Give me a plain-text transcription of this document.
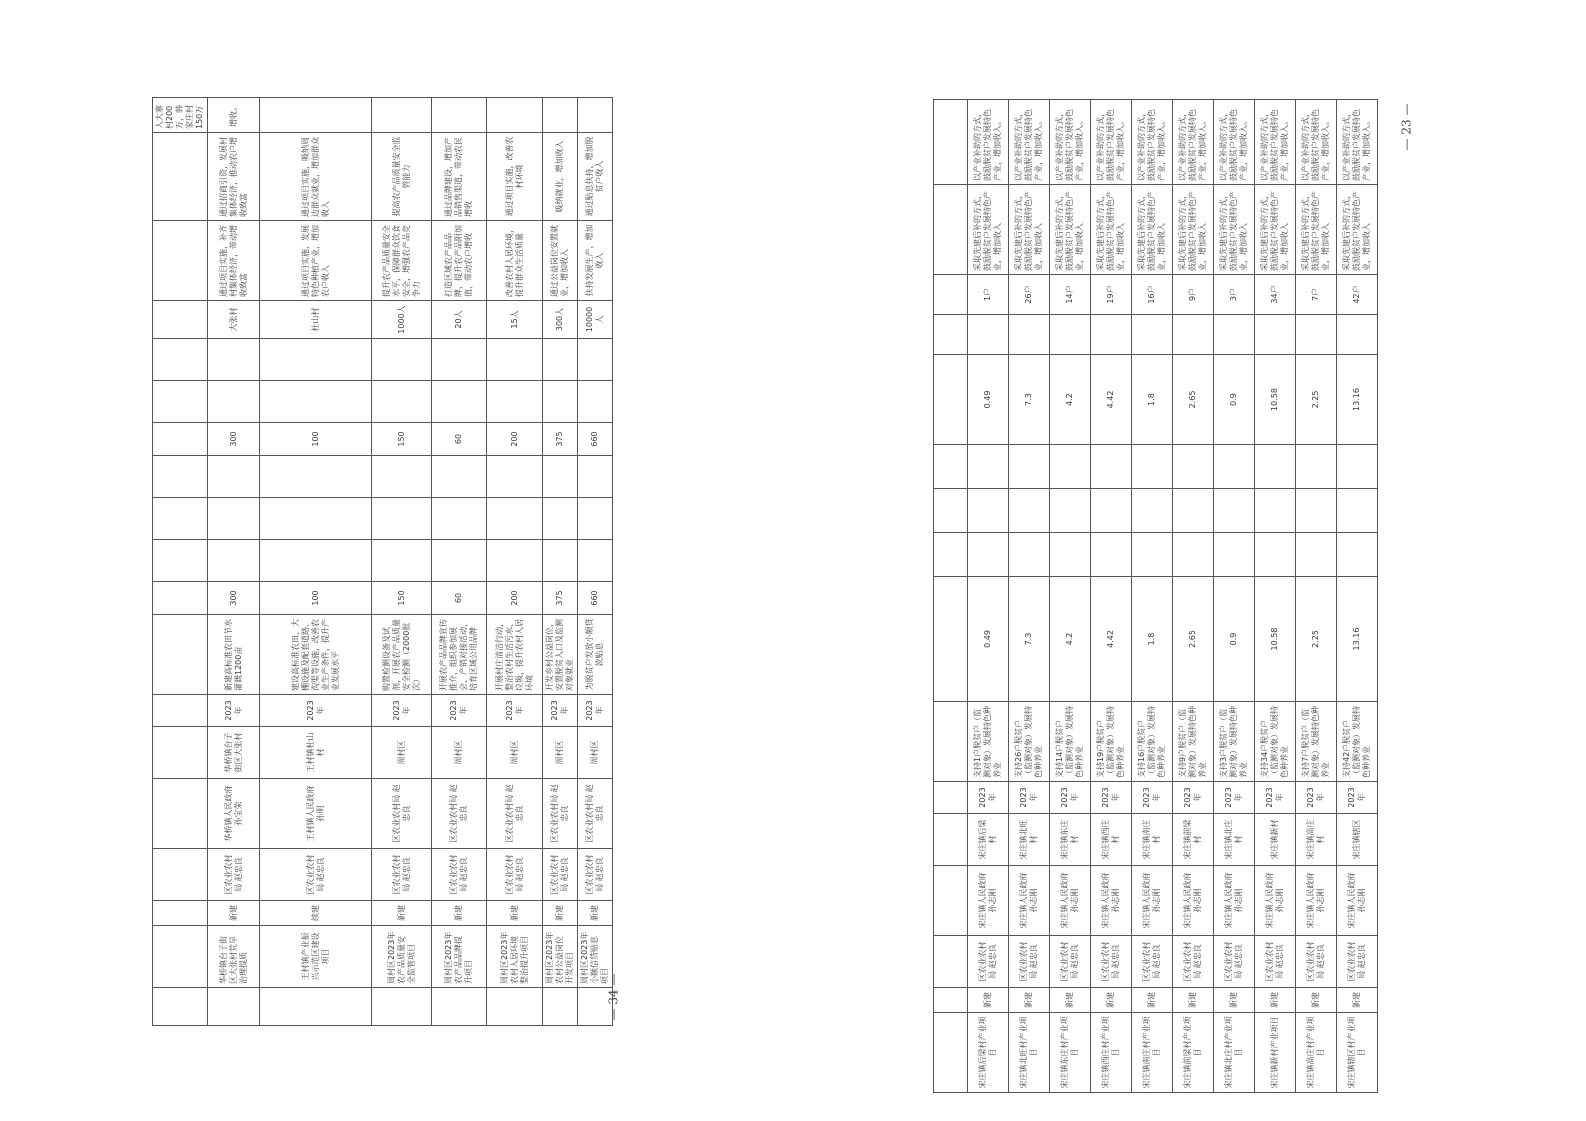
																		人大寨村200万，韩家庄村150万
	华桥镇台子街区大张村荒旱治理提质	新建	区农业农村局 赵忠良	华桥镇人民政府 孙宝荣	华桥镇台子街区大张村	2023年	新建高标准农田节水灌溉1200亩	300				300			大张村	通过项目实施，补齐村集体经济，带动增收致富	通过招商引资，发展村集体经济，推动农户增收致富	增收。
	王村镇产业振兴示范区建设项目	续建	区农业农村局 赵忠良	王村镇人民政府 孙明	王村镇杜山村	2023年	建设高标准农田、大棚设施及配套道路、沟渠等设施，改善农业生产条件，提升产业发展水平	100				100			杜山村	通过项目实施，发展特色种植产业，增加农户收入	通过项目实施，吸纳周边群众就业，增加群众收入	
	周村区2023年农产品质量安全监管项目	新建	区农业农村局 赵忠良	区农业农村局 赵忠良	周村区	2023年	购置检测设备及试剂，开展农产品质量安全检测（2000批次）	150				150			1000人	提升农产品质量安全水平，保障群众饮食安全，增强农产品竞争力	提高农产品质量安全监管能力	
	周村区2023年农产品品牌提升项目	新建	区农业农村局 赵忠良	区农业农村局 赵忠良	周村区	2023年	开展农产品品牌宣传推介，组织参加展会、产销对接活动，培育区域公用品牌	60				60			20人	打造区域农产品品牌，提升农产品附加值，带动农户增收	通过品牌建设，增加产品销售渠道，带动农民增收	
	周村区2023年农村人居环境整治提升项目	新建	区农业农村局 赵忠良	区农业农村局 赵忠良	周村区	2023年	开展村庄清洁行动，整治农村生活污水、垃圾，提升农村人居环境	200				200			15人	改善农村人居环境，提升群众生活质量	通过项目实施，改善农村环境	
	周村区2023年农村公益岗位开发项目	新建	区农业农村局 赵忠良	区农业农村局 赵忠良	周村区	2023年	开发乡村公益岗位，安置脱贫人口及监测对象就业	375				375			300人	通过公益岗位安置就业，增加收入	吸纳就业，增加收入	
	周村区2023年小额信贷贴息项目	新建	区农业农村局 赵忠良	区农业农村局 赵忠良	周村区	2023年	为脱贫户发放小额贷款贴息	660				660			10000人	扶持发展生产，增加收入	通过贴息扶持，增加脱贫户收入	
— 34 —

宋庄镇后梁村产业项目	新建	区农业农村局 赵忠良	宋庄镇人民政府 孙志刚	宋庄镇后梁村	2023年	支持1户脱贫户（监测对象）发展特色种养业	0.49				0.49		1户	采取先建后补的方式，鼓励脱贫户发展特色产业，增加收入	以产业补助的方式，鼓励脱贫户发展特色产业，增加收入。
宋庄镇北旺村产业项目	新建	区农业农村局 赵忠良	宋庄镇人民政府 孙志刚	宋庄镇北旺村	2023年	支持26户脱贫户（监测对象）发展特色种养业	7.3				7.3		26户	采取先建后补的方式，鼓励脱贫户发展特色产业，增加收入	以产业补助的方式，鼓励脱贫户发展特色产业，增加收入。
宋庄镇东庄村产业项目	新建	区农业农村局 赵忠良	宋庄镇人民政府 孙志刚	宋庄镇东庄村	2023年	支持14户脱贫户（监测对象）发展特色种养业	4.2				4.2		14户	采取先建后补的方式，鼓励脱贫户发展特色产业，增加收入	以产业补助的方式，鼓励脱贫户发展特色产业，增加收入。
宋庄镇西庄村产业项目	新建	区农业农村局 赵忠良	宋庄镇人民政府 孙志刚	宋庄镇西庄村	2023年	支持19户脱贫户（监测对象）发展特色种养业	4.42				4.42		19户	采取先建后补的方式，鼓励脱贫户发展特色产业，增加收入	以产业补助的方式，鼓励脱贫户发展特色产业，增加收入。
宋庄镇南庄村产业项目	新建	区农业农村局 赵忠良	宋庄镇人民政府 孙志刚	宋庄镇南庄村	2023年	支持16户脱贫户（监测对象）发展特色种养业	1.8				1.8		16户	采取先建后补的方式，鼓励脱贫户发展特色产业，增加收入	以产业补助的方式，鼓励脱贫户发展特色产业，增加收入。
宋庄镇前梁村产业项目	新建	区农业农村局 赵忠良	宋庄镇人民政府 孙志刚	宋庄镇前梁村	2023年	支持9户脱贫户（监测对象）发展特色种养业	2.65				2.65		9户	采取先建后补的方式，鼓励脱贫户发展特色产业，增加收入	以产业补助的方式，鼓励脱贫户发展特色产业，增加收入。
宋庄镇北庄村产业项目	新建	区农业农村局 赵忠良	宋庄镇人民政府 孙志刚	宋庄镇北庄村	2023年	支持3户脱贫户（监测对象）发展特色种养业	0.9				0.9		3户	采取先建后补的方式，鼓励脱贫户发展特色产业，增加收入	以产业补助的方式，鼓励脱贫户发展特色产业，增加收入。
宋庄镇新村产业项目	新建	区农业农村局 赵忠良	宋庄镇人民政府 孙志刚	宋庄镇新村	2023年	支持34户脱贫户（监测对象）发展特色种养业	10.58				10.58		34户	采取先建后补的方式，鼓励脱贫户发展特色产业，增加收入	以产业补助的方式，鼓励脱贫户发展特色产业，增加收入。
宋庄镇高庄村产业项目	新建	区农业农村局 赵忠良	宋庄镇人民政府 孙志刚	宋庄镇高庄村	2023年	支持7户脱贫户（监测对象）发展特色种养业	2.25				2.25		7户	采取先建后补的方式，鼓励脱贫户发展特色产业，增加收入	以产业补助的方式，鼓励脱贫户发展特色产业，增加收入。
宋庄镇辖区村产业项目	新建	区农业农村局 赵忠良	宋庄镇人民政府 孙志刚	宋庄镇辖区	2023年	支持42户脱贫户（监测对象）发展特色种养业	13.16				13.16		42户	采取先建后补的方式，鼓励脱贫户发展特色产业，增加收入	以产业补助的方式，鼓励脱贫户发展特色产业，增加收入。 — 23 —
